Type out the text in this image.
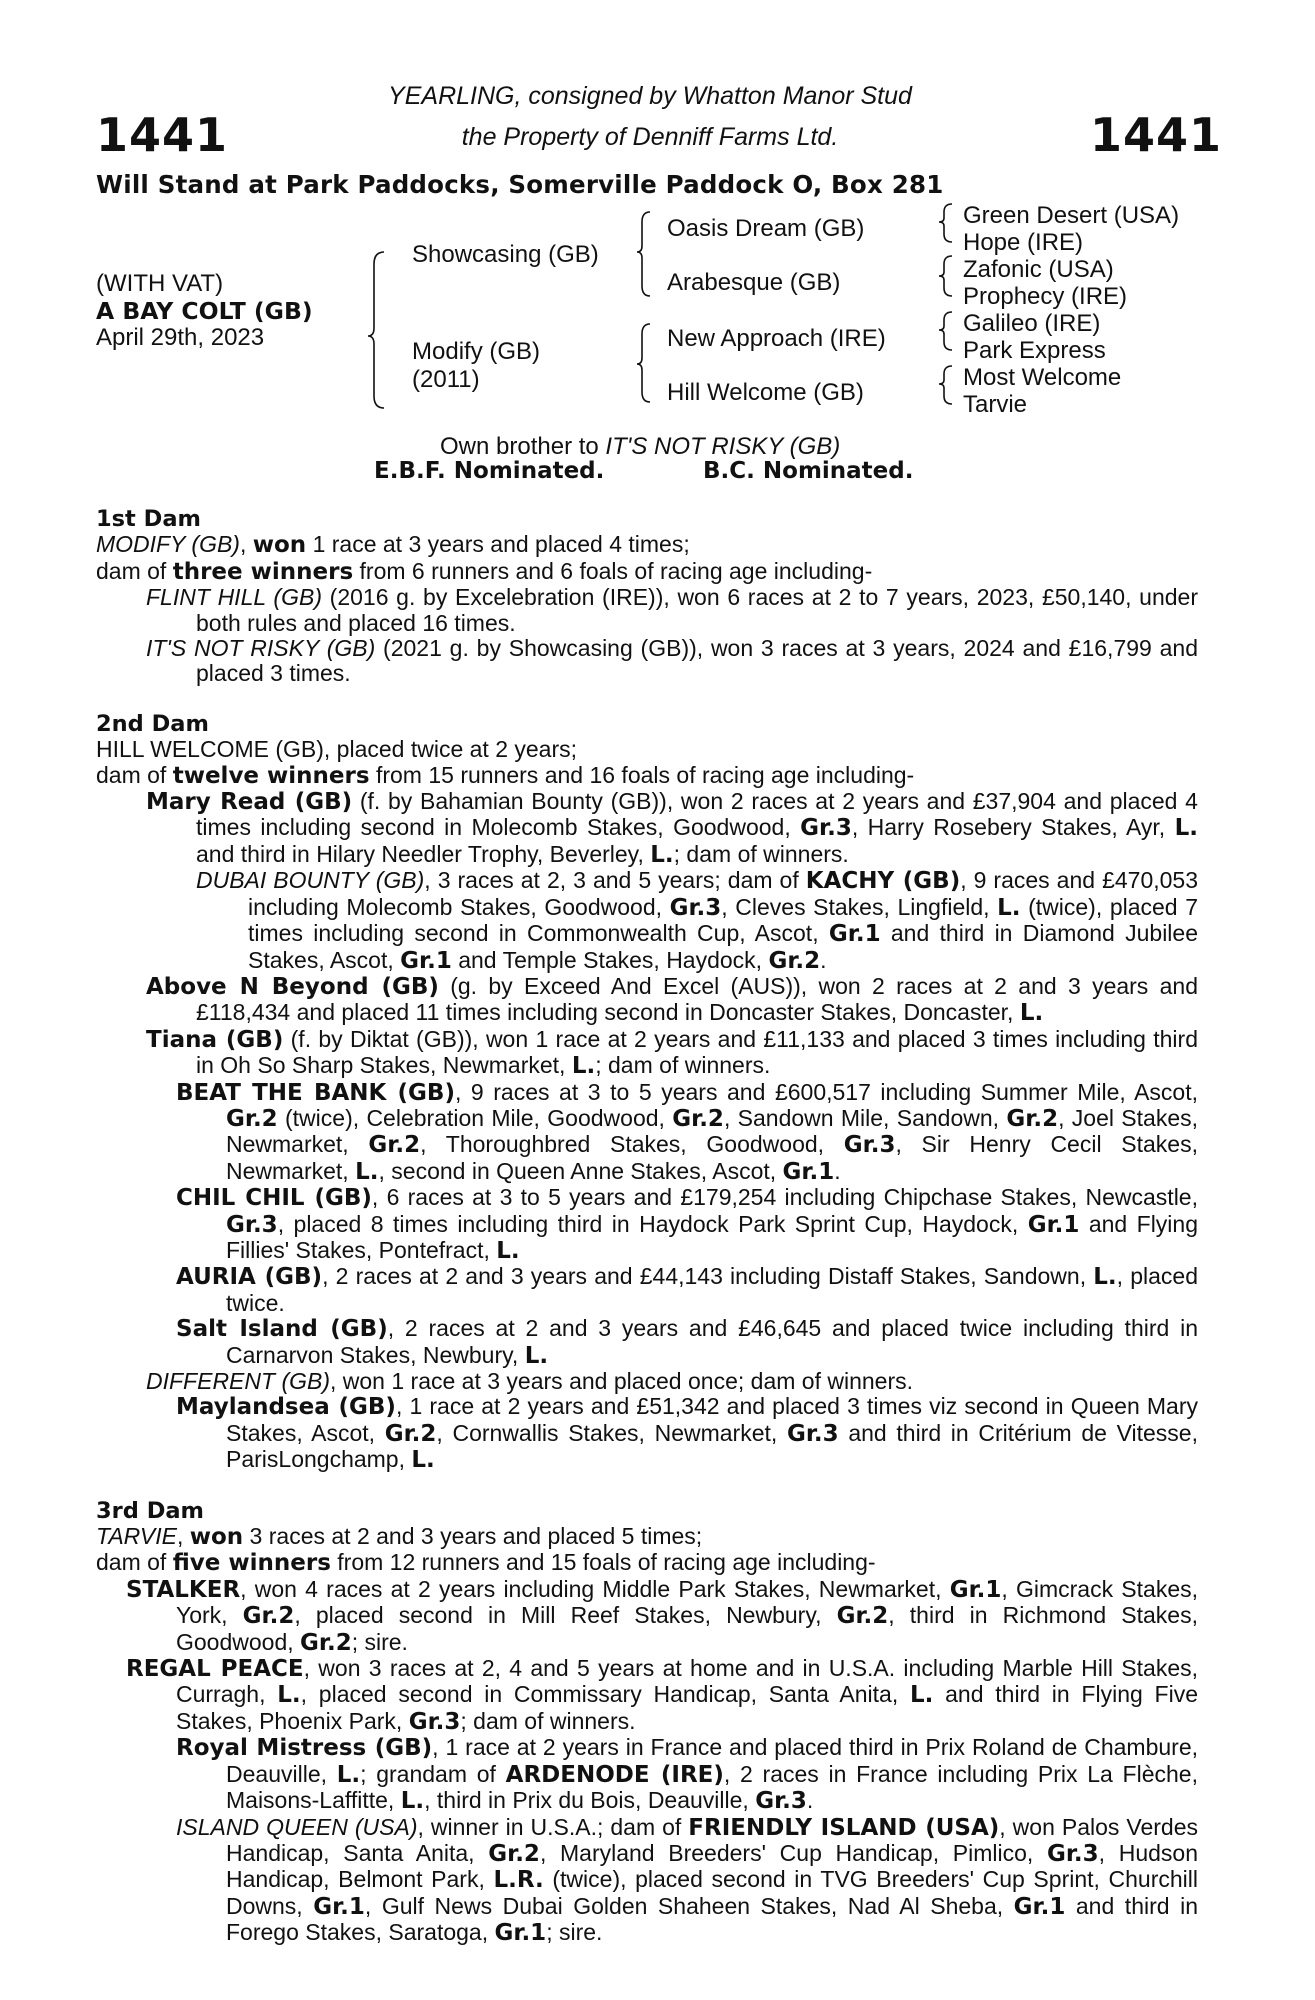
1441	1441
YEARLING, consigned by Whatton Manor Stud
the Property of Denniff Farms Ltd.
Will Stand at Park Paddocks, Somerville Paddock O, Box 281
(WITH VAT)
A BAY COLT (GB)
April 29th, 2023
Showcasing (GB)
Modify (GB)
(2011)
Oasis Dream (GB)
Arabesque (GB)
New Approach (IRE)
Hill Welcome (GB)
Green Desert (USA)
Hope (IRE)
Zafonic (USA)
Prophecy (IRE)
Galileo (IRE)
Park Express
Most Welcome
Tarvie
Own brother to IT'S NOT RISKY (GB)
E.B.F. Nominated.	B.C. Nominated.
1st Dam
MODIFY (GB), won 1 race at 3 years and placed 4 times;
dam of three winners from 6 runners and 6 foals of racing age including-
FLINT HILL (GB) (2016 g. by Excelebration (IRE)), won 6 races at 2 to 7 years, 2023, £50,140, under both rules and placed 16 times.
IT'S NOT RISKY (GB) (2021 g. by Showcasing (GB)), won 3 races at 3 years, 2024 and £16,799 and placed 3 times.
2nd Dam
HILL WELCOME (GB), placed twice at 2 years;
dam of twelve winners from 15 runners and 16 foals of racing age including-
Mary Read (GB) (f. by Bahamian Bounty (GB)), won 2 races at 2 years and £37,904 and placed 4 times including second in Molecomb Stakes, Goodwood, Gr.3, Harry Rosebery Stakes, Ayr, L. and third in Hilary Needler Trophy, Beverley, L.; dam of winners.
DUBAI BOUNTY (GB), 3 races at 2, 3 and 5 years; dam of KACHY (GB), 9 races and £470,053 including Molecomb Stakes, Goodwood, Gr.3, Cleves Stakes, Lingfield, L. (twice), placed 7 times including second in Commonwealth Cup, Ascot, Gr.1 and third in Diamond Jubilee Stakes, Ascot, Gr.1 and Temple Stakes, Haydock, Gr.2.
Above N Beyond (GB) (g. by Exceed And Excel (AUS)), won 2 races at 2 and 3 years and £118,434 and placed 11 times including second in Doncaster Stakes, Doncaster, L.
Tiana (GB) (f. by Diktat (GB)), won 1 race at 2 years and £11,133 and placed 3 times including third in Oh So Sharp Stakes, Newmarket, L.; dam of winners.
BEAT THE BANK (GB), 9 races at 3 to 5 years and £600,517 including Summer Mile, Ascot, Gr.2 (twice), Celebration Mile, Goodwood, Gr.2, Sandown Mile, Sandown, Gr.2, Joel Stakes, Newmarket, Gr.2, Thoroughbred Stakes, Goodwood, Gr.3, Sir Henry Cecil Stakes, Newmarket, L., second in Queen Anne Stakes, Ascot, Gr.1.
CHIL CHIL (GB), 6 races at 3 to 5 years and £179,254 including Chipchase Stakes, Newcastle, Gr.3, placed 8 times including third in Haydock Park Sprint Cup, Haydock, Gr.1 and Flying Fillies' Stakes, Pontefract, L.
AURIA (GB), 2 races at 2 and 3 years and £44,143 including Distaff Stakes, Sandown, L., placed twice.
Salt Island (GB), 2 races at 2 and 3 years and £46,645 and placed twice including third in Carnarvon Stakes, Newbury, L.
DIFFERENT (GB), won 1 race at 3 years and placed once; dam of winners.
Maylandsea (GB), 1 race at 2 years and £51,342 and placed 3 times viz second in Queen Mary Stakes, Ascot, Gr.2, Cornwallis Stakes, Newmarket, Gr.3 and third in Critérium de Vitesse, ParisLongchamp, L.
3rd Dam
TARVIE, won 3 races at 2 and 3 years and placed 5 times;
dam of five winners from 12 runners and 15 foals of racing age including-
STALKER, won 4 races at 2 years including Middle Park Stakes, Newmarket, Gr.1, Gimcrack Stakes, York, Gr.2, placed second in Mill Reef Stakes, Newbury, Gr.2, third in Richmond Stakes, Goodwood, Gr.2; sire.
REGAL PEACE, won 3 races at 2, 4 and 5 years at home and in U.S.A. including Marble Hill Stakes, Curragh, L., placed second in Commissary Handicap, Santa Anita, L. and third in Flying Five Stakes, Phoenix Park, Gr.3; dam of winners.
Royal Mistress (GB), 1 race at 2 years in France and placed third in Prix Roland de Chambure, Deauville, L.; grandam of ARDENODE (IRE), 2 races in France including Prix La Flèche, Maisons-Laffitte, L., third in Prix du Bois, Deauville, Gr.3.
ISLAND QUEEN (USA), winner in U.S.A.; dam of FRIENDLY ISLAND (USA), won Palos Verdes Handicap, Santa Anita, Gr.2, Maryland Breeders' Cup Handicap, Pimlico, Gr.3, Hudson Handicap, Belmont Park, L.R. (twice), placed second in TVG Breeders' Cup Sprint, Churchill Downs, Gr.1, Gulf News Dubai Golden Shaheen Stakes, Nad Al Sheba, Gr.1 and third in Forego Stakes, Saratoga, Gr.1; sire.
